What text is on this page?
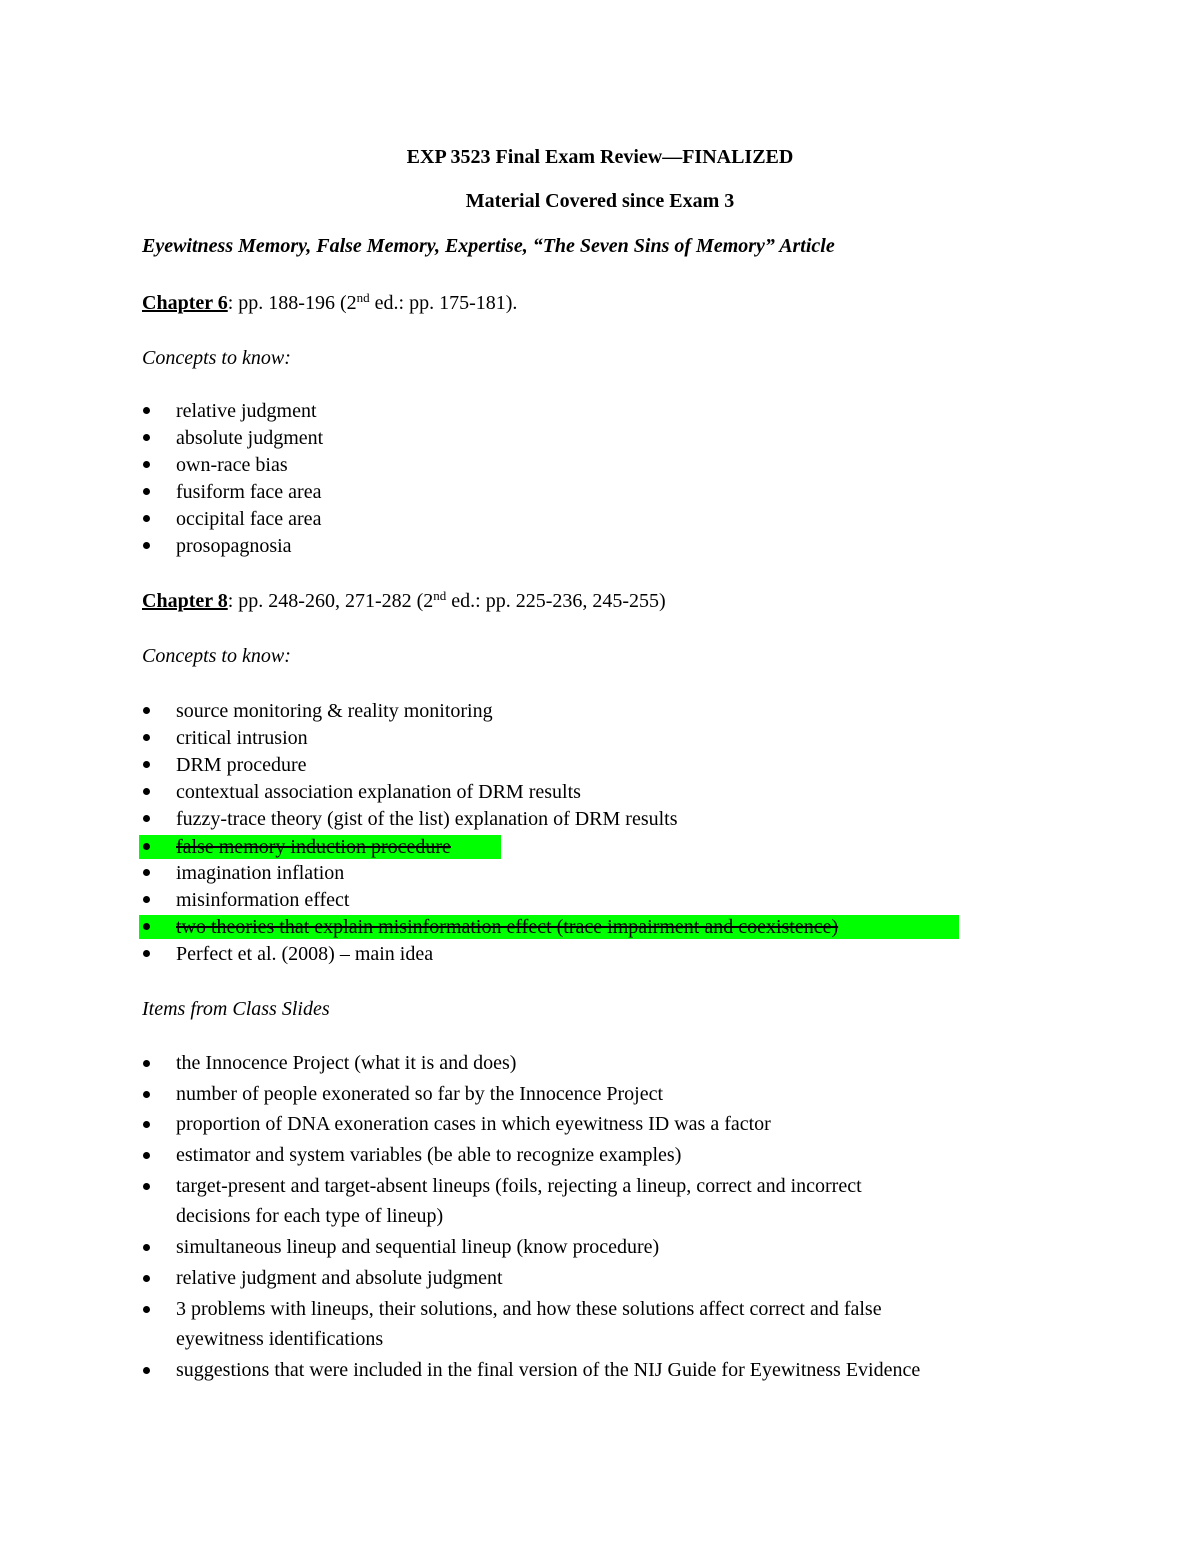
EXP 3523 Final Exam Review—FINALIZED
Material Covered since Exam 3
Eyewitness Memory, False Memory, Expertise, “The Seven Sins of Memory” Article
Chapter 6: pp. 188-196 (2nd ed.: pp. 175-181).
Concepts to know:
relative judgment
absolute judgment
own-race bias
fusiform face area
occipital face area
prosopagnosia
Chapter 8: pp. 248-260, 271-282 (2nd ed.: pp. 225-236, 245-255)
Concepts to know:
source monitoring & reality monitoring
critical intrusion
DRM procedure
contextual association explanation of DRM results
fuzzy-trace theory (gist of the list) explanation of DRM results
false memory induction procedure
imagination inflation
misinformation effect
two theories that explain misinformation effect (trace impairment and coexistence)
Perfect et al. (2008) – main idea
Items from Class Slides
the Innocence Project (what it is and does)
number of people exonerated so far by the Innocence Project
proportion of DNA exoneration cases in which eyewitness ID was a factor
estimator and system variables (be able to recognize examples)
target-present and target-absent lineups (foils, rejecting a lineup, correct and incorrect
decisions for each type of lineup)
simultaneous lineup and sequential lineup (know procedure)
relative judgment and absolute judgment
3 problems with lineups, their solutions, and how these solutions affect correct and false
eyewitness identifications
suggestions that were included in the final version of the NIJ Guide for Eyewitness Evidence
